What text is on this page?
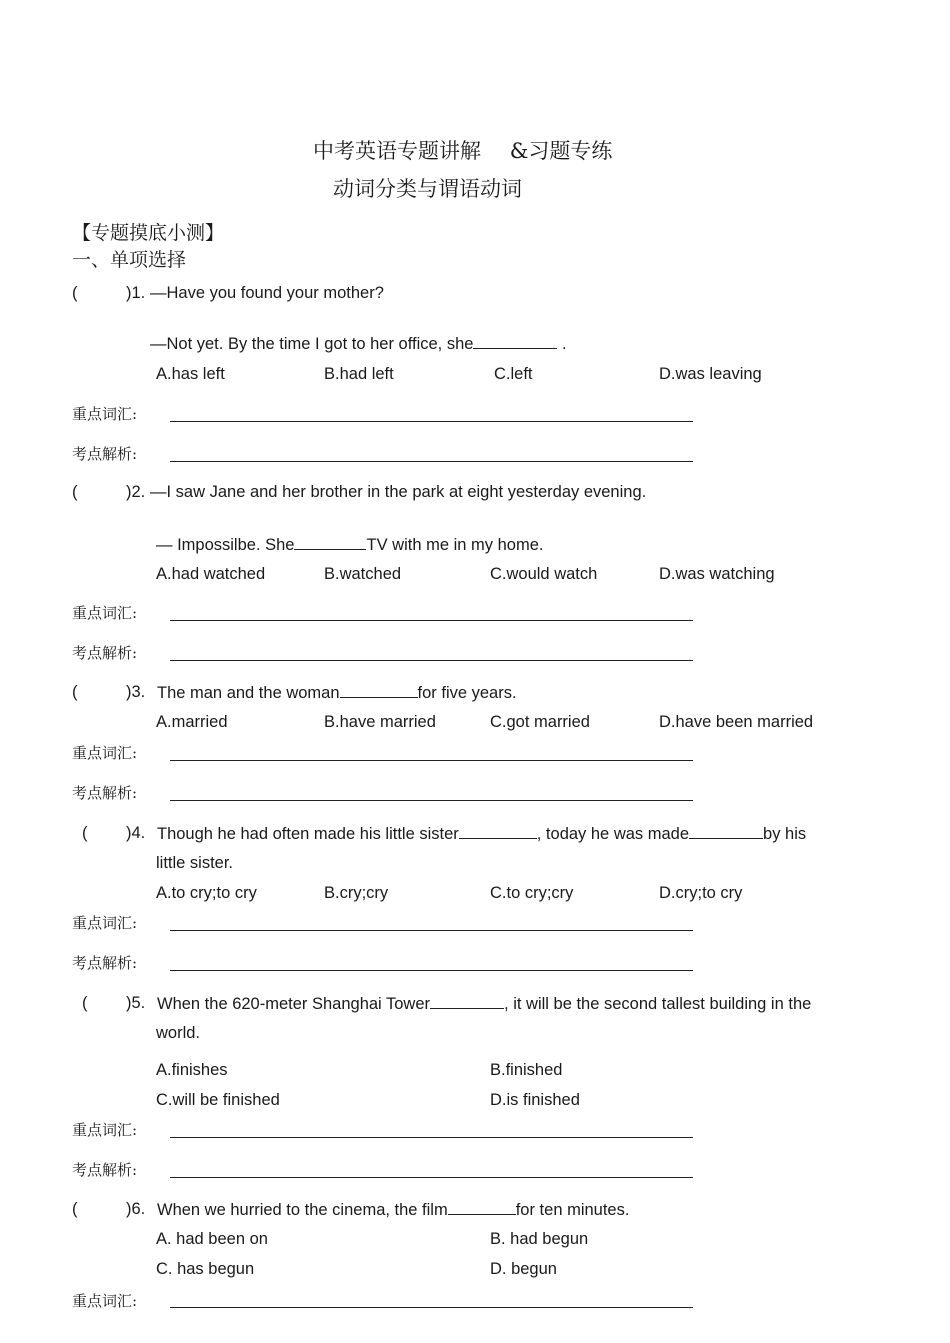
中考英语专题讲解 &习题专练
动词分类与谓语动词
【专题摸底小测】
一、单项选择
(	)1. —Have you found your mother?
—Not yet. By the time I got to her office, she	.
A.has left	B.had left	C.left	D.was leaving
重点词汇:
考点解析:
(	)2. —I saw Jane and her brother in the park at eight yesterday evening.
— Impossilbe. She	TV with me in my home.
A.had watched	B.watched	C.would watch	D.was watching
重点词汇:
考点解析:
(	)3. The man and the woman	for five years.
A.married	B.have married	C.got married	D.have been married
重点词汇:
考点解析:
( )4. Though he had often made his little sister	, today he was made	by his
little sister.
A.to cry;to cry	B.cry;cry	C.to cry;cry	D.cry;to cry
重点词汇:
考点解析:
( )5. When the 620-meter Shanghai Tower	, it will be the second tallest building in the
world.
A.finishes	B.finished
C.will be finished	D.is finished
重点词汇:
考点解析:
(	)6. When we hurried to the cinema, the film	for ten minutes.
A. had been on	B. had begun
C. has begun	D. begun
重点词汇:
